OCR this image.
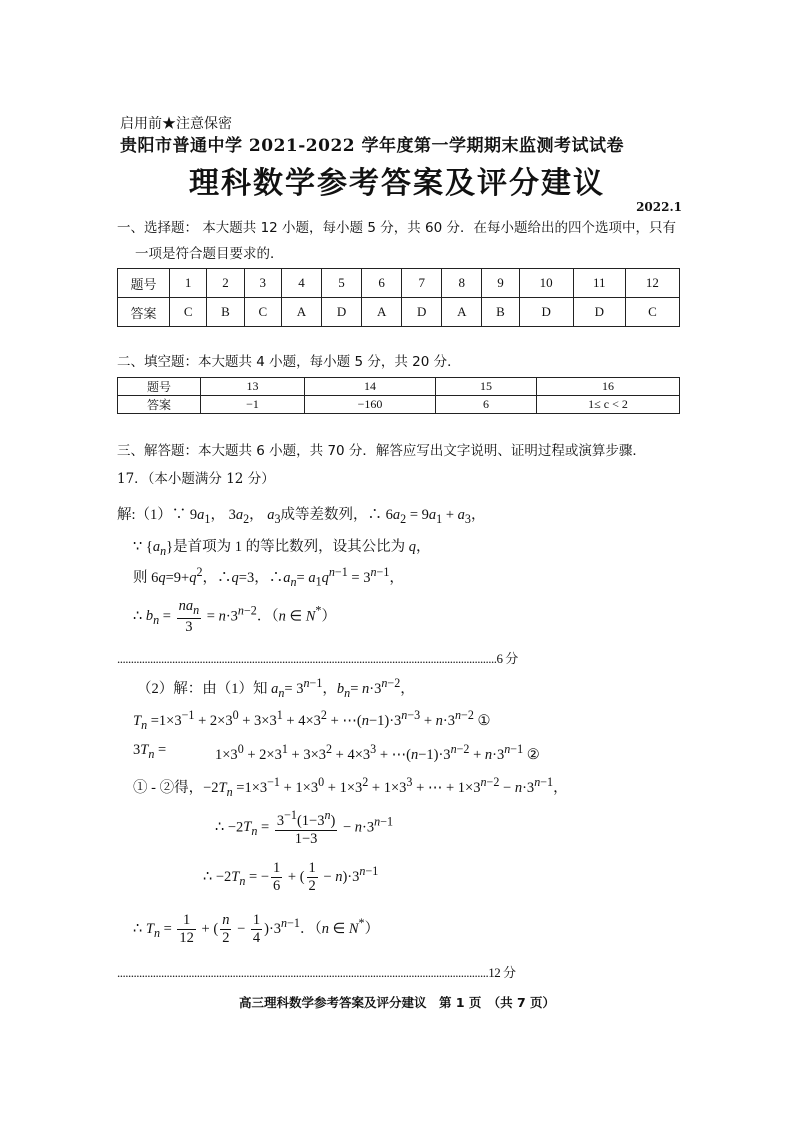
启用前★注意保密
贵阳市普通中学 2021-2022 学年度第一学期期末监测考试试卷
理科数学参考答案及评分建议
2022.1
一、选择题： 本大题共 12 小题，每小题 5 分，共 60 分．在每小题给出的四个选项中，只有
一项是符合题目要求的．
题号	1	2	3	4	5	6	7	8	9	10	11	12
答案	C	B	C	A	D	A	D	A	B	D	D	C
二、填空题：本大题共 4 小题，每小题 5 分，共 20 分．
题号	13	14	15	16
答案	−1	−160	6	1≤ c < 2
三、解答题：本大题共 6 小题，共 70 分．解答应写出文字说明、证明过程或演算步骤．
17．（本小题满分 12 分）
解:（1）∵ $9a_1$， $3a_2$， $a_3$成等差数列，∴ $6a_2 = 9a_1 + a_3$，
∵ $\{a_n\}$是首项为 1 的等比数列，设其公比为 q，
则 $6q=9+q^2$，∴q=3，$\therefore a_n= a_1q^{n-1} = 3^{n-1}$，
∴ $b_n = \frac{na_n}{3} = n\cdot 3^{n-2}$．（n ∈ N*）
..........................................................................................................................................6 分
（2）解：由（1）知 $a_n= 3^{n-1}$，$b_n= n\cdot 3^{n-2}$，
$T_n =1\times 3^{-1} + 2\times 3^0 + 3\times 3^1 + 4\times 3^2$ + $\cdots(n-1)\cdot 3^{n-3} + n\cdot 3^{n-2}$ ①
$3T_n$ =	$1\times 3^0 + 2\times 3^1 + 3\times 3^2 + 4\times 3^3$ + $\cdots(n-1)\cdot 3^{n-2} + n\cdot 3^{n-1}$ ②
① - ②得，$-2T_n =1\times 3^{-1} + 1\times 3^0 + 1\times 3^2 + 1\times 3^3$ + ⋯ + $1\times 3^{n-2} - n\cdot 3^{n-1}$，
∴ $-2T_n = \frac{3^{-1}(1-3^n)}{1-3} - n\cdot 3^{n-1}$
∴ $-2T_n$ = − $\frac{1}{6}$ + ( $\frac{1}{2} - n)\cdot 3^{n-1}$
∴ $T_n = \frac{1}{12}$ + ( $\frac{n}{2} - \frac{1}{4} )\cdot 3^{n-1}$．（n ∈ N*）
.......................................................................................................................................12 分
高三理科数学参考答案及评分建议　第 1 页　（共 7 页）
